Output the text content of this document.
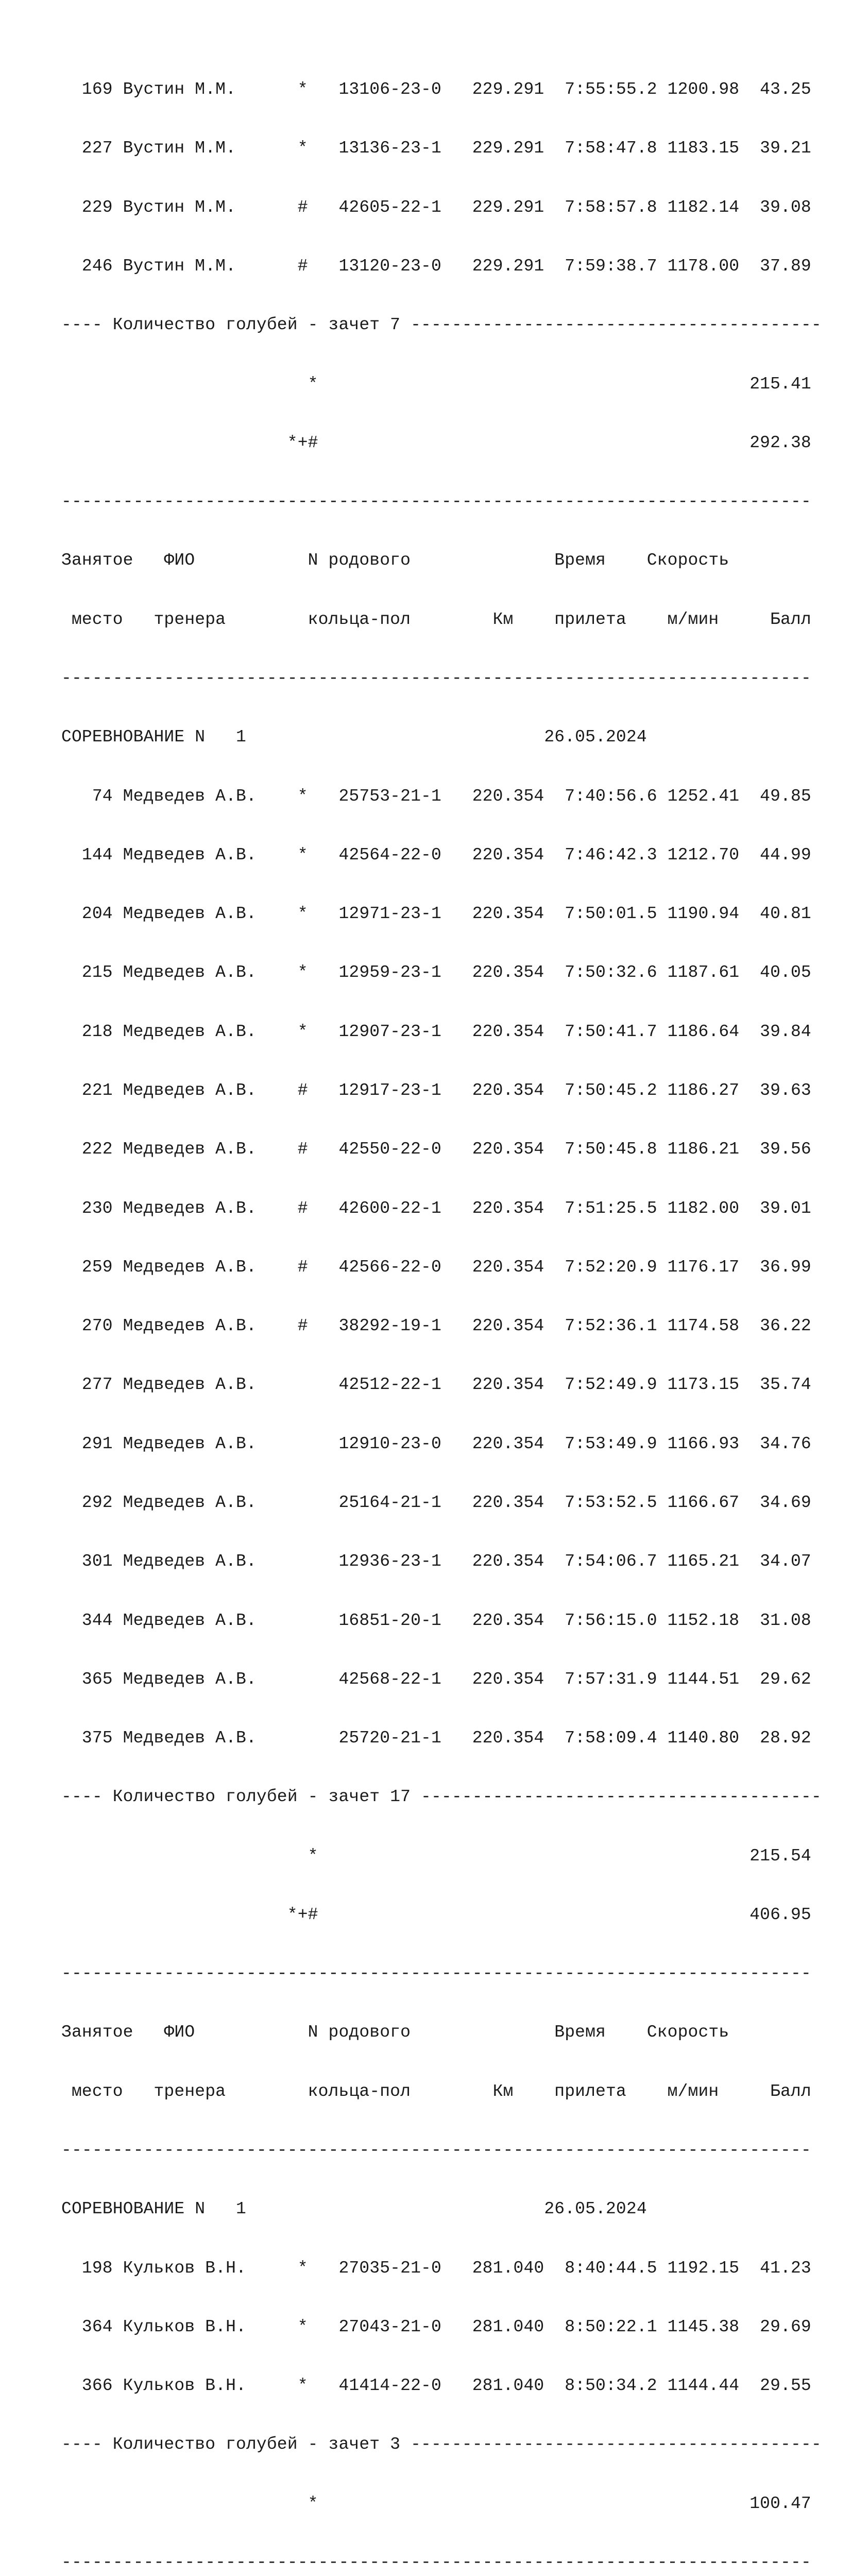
169 Вустин М.М.      *   13106-23-0   229.291  7:55:55.2 1200.98  43.25

227 Вустин М.М.      *   13136-23-1   229.291  7:58:47.8 1183.15  39.21

229 Вустин М.М.      #   42605-22-1   229.291  7:58:57.8 1182.14  39.08

246 Вустин М.М.      #   13120-23-0   229.291  7:59:38.7 1178.00  37.89

---- Количество голубей - зачет 7 ----------------------------------------

*                                          215.41

*+#                                          292.38

-------------------------------------------------------------------------

Занятое   ФИО           N родового              Время    Скорость

место   тренера        кольца-пол        Км    прилета    м/мин     Балл

-------------------------------------------------------------------------

СОРЕВНОВАНИЕ N   1                             26.05.2024

74 Медведев А.В.    *   25753-21-1   220.354  7:40:56.6 1252.41  49.85

144 Медведев А.В.    *   42564-22-0   220.354  7:46:42.3 1212.70  44.99

204 Медведев А.В.    *   12971-23-1   220.354  7:50:01.5 1190.94  40.81

215 Медведев А.В.    *   12959-23-1   220.354  7:50:32.6 1187.61  40.05

218 Медведев А.В.    *   12907-23-1   220.354  7:50:41.7 1186.64  39.84

221 Медведев А.В.    #   12917-23-1   220.354  7:50:45.2 1186.27  39.63

222 Медведев А.В.    #   42550-22-0   220.354  7:50:45.8 1186.21  39.56

230 Медведев А.В.    #   42600-22-1   220.354  7:51:25.5 1182.00  39.01

259 Медведев А.В.    #   42566-22-0   220.354  7:52:20.9 1176.17  36.99

270 Медведев А.В.    #   38292-19-1   220.354  7:52:36.1 1174.58  36.22

277 Медведев А.В.        42512-22-1   220.354  7:52:49.9 1173.15  35.74

291 Медведев А.В.        12910-23-0   220.354  7:53:49.9 1166.93  34.76

292 Медведев А.В.        25164-21-1   220.354  7:53:52.5 1166.67  34.69

301 Медведев А.В.        12936-23-1   220.354  7:54:06.7 1165.21  34.07

344 Медведев А.В.        16851-20-1   220.354  7:56:15.0 1152.18  31.08

365 Медведев А.В.        42568-22-1   220.354  7:57:31.9 1144.51  29.62

375 Медведев А.В.        25720-21-1   220.354  7:58:09.4 1140.80  28.92

---- Количество голубей - зачет 17 ---------------------------------------

*                                          215.54

*+#                                          406.95

-------------------------------------------------------------------------

Занятое   ФИО           N родового              Время    Скорость

место   тренера        кольца-пол        Км    прилета    м/мин     Балл

-------------------------------------------------------------------------

СОРЕВНОВАНИЕ N   1                             26.05.2024

198 Кульков В.Н.     *   27035-21-0   281.040  8:40:44.5 1192.15  41.23

364 Кульков В.Н.     *   27043-21-0   281.040  8:50:22.1 1145.38  29.69

366 Кульков В.Н.     *   41414-22-0   281.040  8:50:34.2 1144.44  29.55

---- Количество голубей - зачет 3 ----------------------------------------

*                                          100.47

-------------------------------------------------------------------------
